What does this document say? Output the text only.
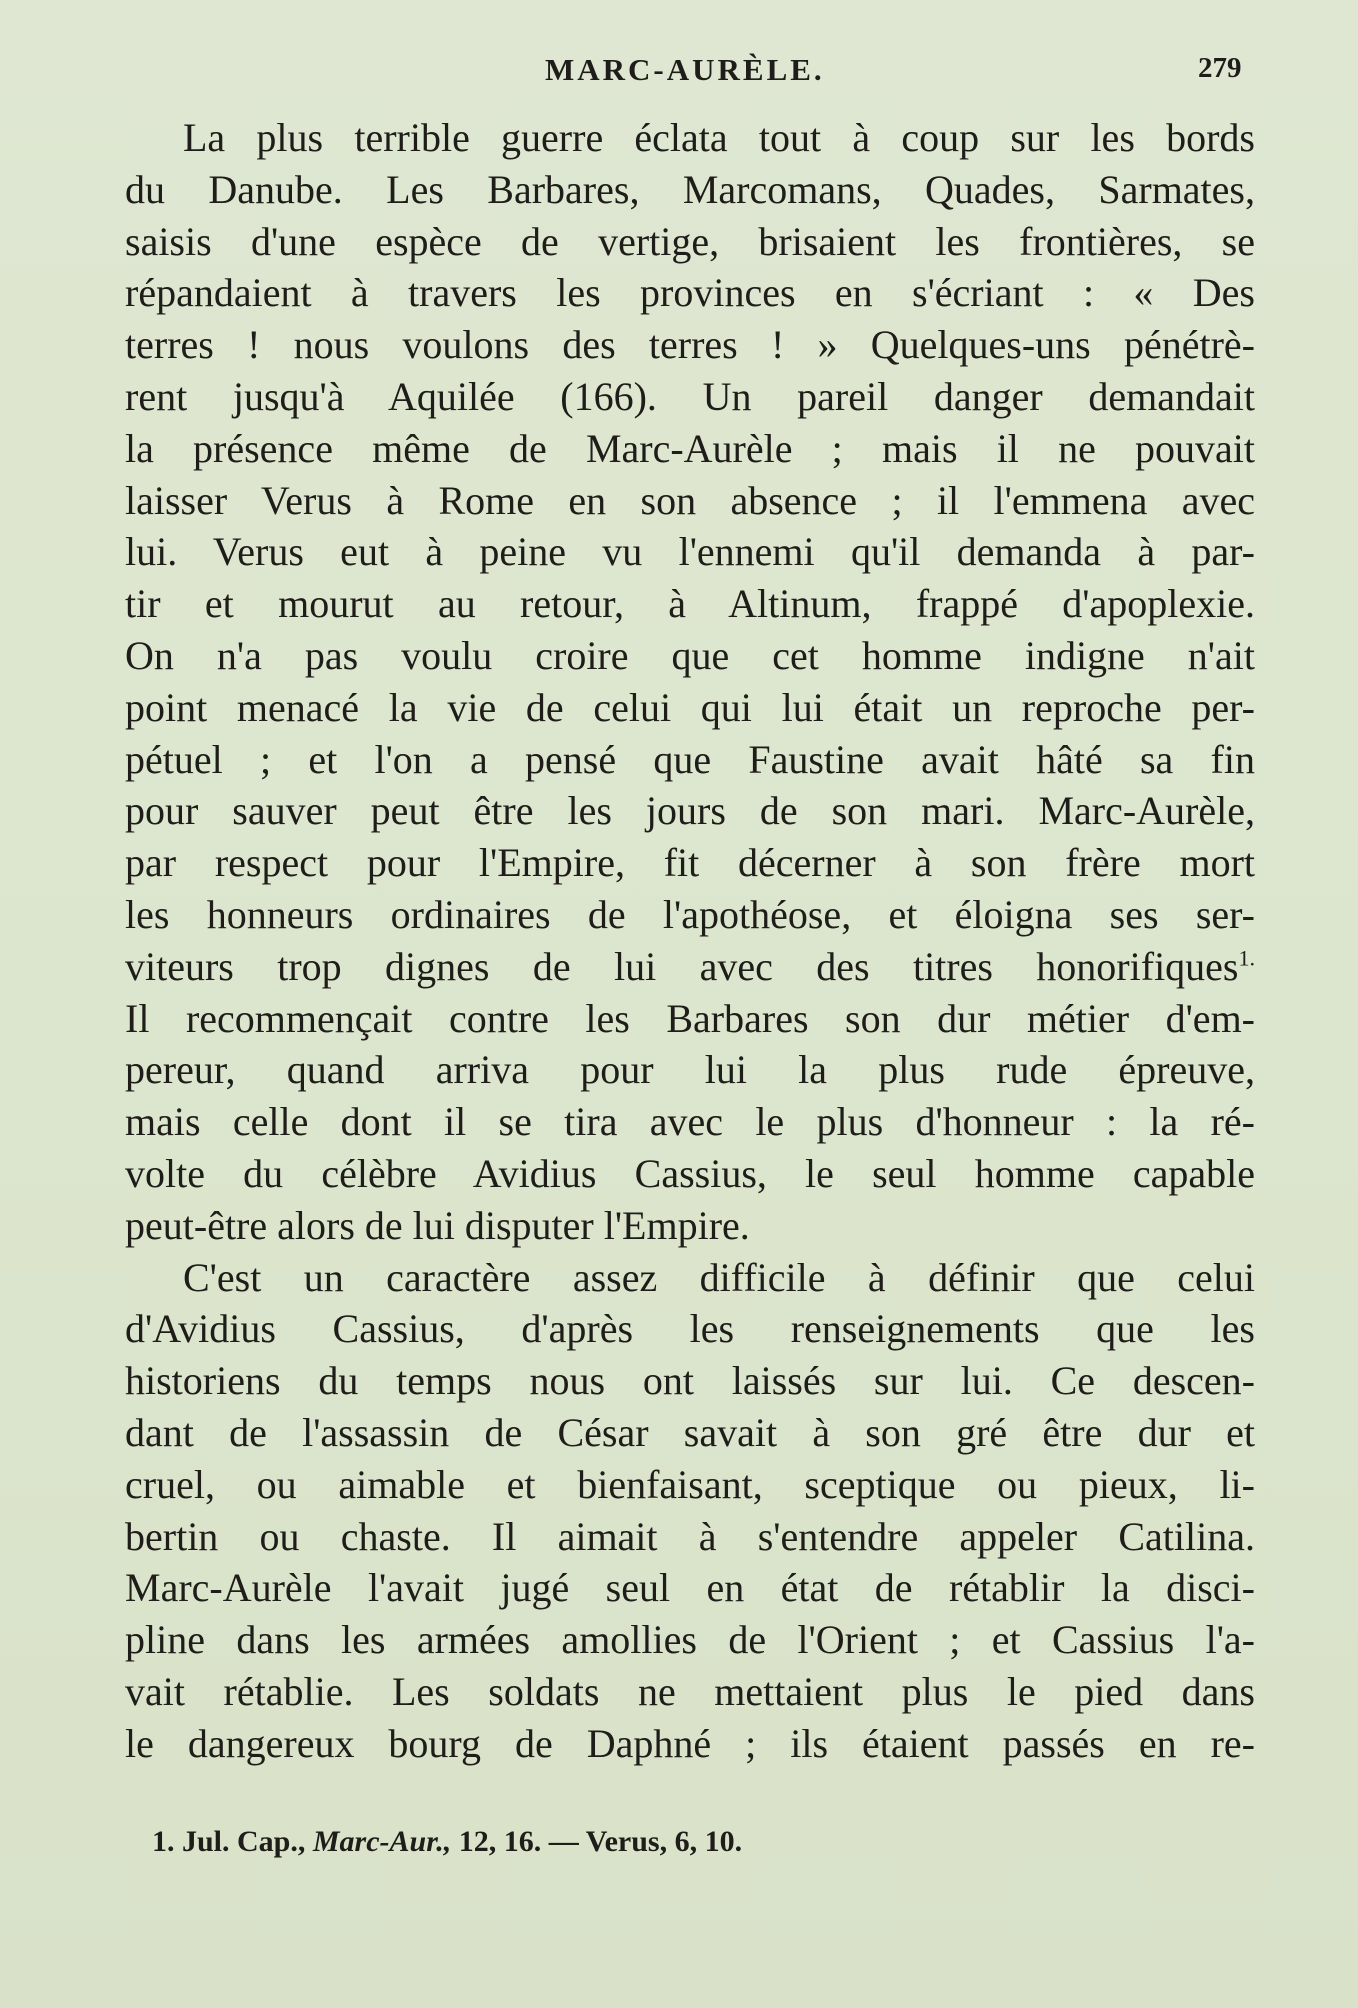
MARC-AURÈLE.	279
La plus terrible guerre éclata tout à coup sur les bords
du Danube. Les Barbares, Marcomans, Quades, Sarmates,
saisis d'une espèce de vertige, brisaient les frontières, se
répandaient à travers les provinces en s'écriant : « Des
terres ! nous voulons des terres ! » Quelques-uns pénétrè-
rent jusqu'à Aquilée (166). Un pareil danger demandait
la présence même de Marc-Aurèle ; mais il ne pouvait
laisser Verus à Rome en son absence ; il l'emmena avec
lui. Verus eut à peine vu l'ennemi qu'il demanda à par-
tir et mourut au retour, à Altinum, frappé d'apoplexie.
On n'a pas voulu croire que cet homme indigne n'ait
point menacé la vie de celui qui lui était un reproche per-
pétuel ; et l'on a pensé que Faustine avait hâté sa fin
pour sauver peut être les jours de son mari. Marc-Aurèle,
par respect pour l'Empire, fit décerner à son frère mort
les honneurs ordinaires de l'apothéose, et éloigna ses ser-
viteurs trop dignes de lui avec des titres honorifiques$^{1.}$
Il recommençait contre les Barbares son dur métier d'em-
pereur, quand arriva pour lui la plus rude épreuve,
mais celle dont il se tira avec le plus d'honneur : la ré-
volte du célèbre Avidius Cassius, le seul homme capable
peut-être alors de lui disputer l'Empire.
C'est un caractère assez difficile à définir que celui
d'Avidius Cassius, d'après les renseignements que les
historiens du temps nous ont laissés sur lui. Ce descen-
dant de l'assassin de César savait à son gré être dur et
cruel, ou aimable et bienfaisant, sceptique ou pieux, li-
bertin ou chaste. Il aimait à s'entendre appeler Catilina.
Marc-Aurèle l'avait jugé seul en état de rétablir la disci-
pline dans les armées amollies de l'Orient ; et Cassius l'a-
vait rétablie. Les soldats ne mettaient plus le pied dans
le dangereux bourg de Daphné ; ils étaient passés en re-
1. Jul. Cap., Marc-Aur., 12, 16. — Verus, 6, 10.
